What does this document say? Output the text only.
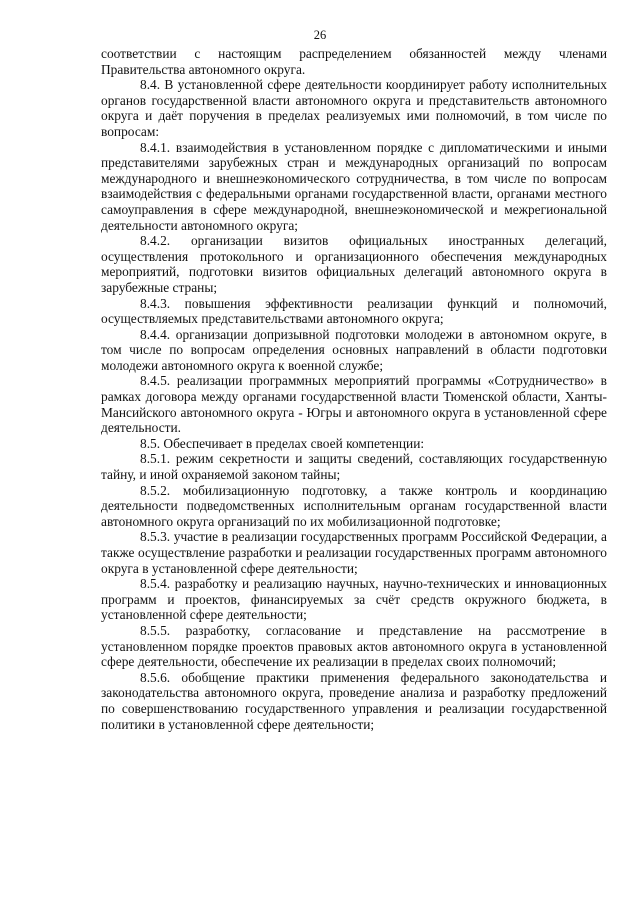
26

соответствии с настоящим распределением обязанностей между членами Правительства автономного округа.

8.4. В установленной сфере деятельности координирует работу исполнительных органов государственной власти автономного округа и представительств автономного округа и даёт поручения в пределах реализуемых ими полномочий, в том числе по вопросам:

8.4.1. взаимодействия в установленном порядке с дипломатическими и иными представителями зарубежных стран и международных организаций по вопросам международного и внешнеэкономического сотрудничества, в том числе по вопросам взаимодействия с федеральными органами государственной власти, органами местного самоуправления в сфере международной, внешнеэкономической и межрегиональной деятельности автономного округа;

8.4.2. организации визитов официальных иностранных делегаций, осуществления протокольного и организационного обеспечения международных мероприятий, подготовки визитов официальных делегаций автономного округа в зарубежные страны;

8.4.3. повышения эффективности реализации функций и полномочий, осуществляемых представительствами автономного округа;

8.4.4. организации допризывной подготовки молодежи в автономном округе, в том числе по вопросам определения основных направлений в области подготовки молодежи автономного округа к военной службе;

8.4.5. реализации программных мероприятий программы «Сотрудничество» в рамках договора между органами государственной власти Тюменской области, Ханты-Мансийского автономного округа - Югры и автономного округа в установленной сфере деятельности.

8.5. Обеспечивает в пределах своей компетенции:

8.5.1. режим секретности и защиты сведений, составляющих государственную тайну, и иной охраняемой законом тайны;

8.5.2. мобилизационную подготовку, а также контроль и координацию деятельности подведомственных исполнительным органам государственной власти автономного округа организаций по их мобилизационной подготовке;

8.5.3. участие в реализации государственных программ Российской Федерации, а также осуществление разработки и реализации государственных программ автономного округа в установленной сфере деятельности;

8.5.4. разработку и реализацию научных, научно-технических и инновационных программ и проектов, финансируемых за счёт средств окружного бюджета, в установленной сфере деятельности;

8.5.5. разработку, согласование и представление на рассмотрение в установленном порядке проектов правовых актов автономного округа в установленной сфере деятельности, обеспечение их реализации в пределах своих полномочий;

8.5.6. обобщение практики применения федерального законодательства и законодательства автономного округа, проведение анализа и разработку предложений по совершенствованию государственного управления и реализации государственной политики в установленной сфере деятельности;
